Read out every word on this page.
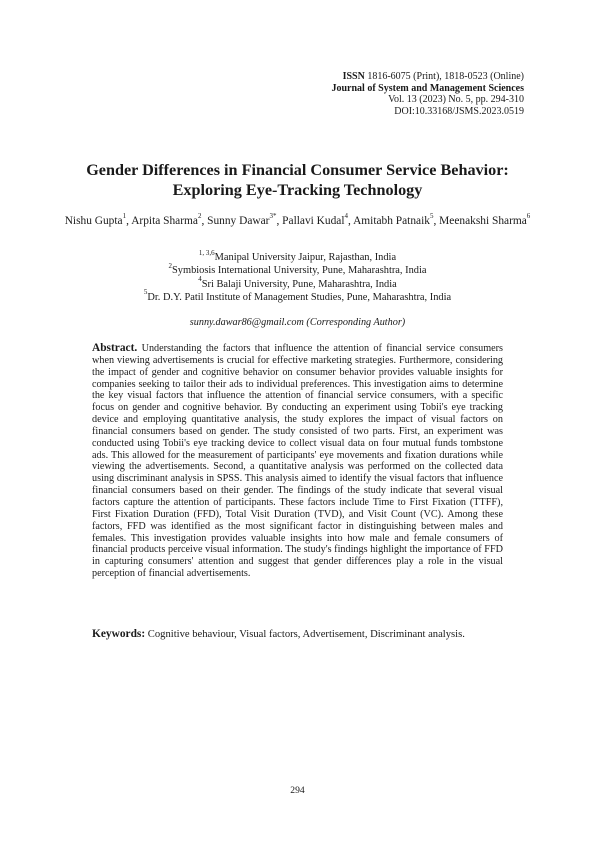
ISSN 1816-6075 (Print), 1818-0523 (Online)
Journal of System and Management Sciences
Vol. 13 (2023) No. 5, pp. 294-310
DOI:10.33168/JSMS.2023.0519
Gender Differences in Financial Consumer Service Behavior:
Exploring Eye-Tracking Technology
Nishu Gupta$^1$, Arpita Sharma$^2$, Sunny Dawar$^{3*}$, Pallavi Kudal$^4$, Amitabh Patnaik$^5$, Meenakshi Sharma$^6$
$^{1, 3,6}$Manipal University Jaipur, Rajasthan, India
$^2$Symbiosis International University, Pune, Maharashtra, India
$^4$Sri Balaji University, Pune, Maharashtra, India
$^5$Dr. D.Y. Patil Institute of Management Studies, Pune, Maharashtra, India
sunny.dawar86@gmail.com (Corresponding Author)
Abstract. Understanding the factors that influence the attention of financial service consumers when viewing advertisements is crucial for effective marketing strategies. Furthermore, considering the impact of gender and cognitive behavior on consumer behavior provides valuable insights for companies seeking to tailor their ads to individual preferences. This investigation aims to determine the key visual factors that influence the attention of financial service consumers, with a specific focus on gender and cognitive behavior. By conducting an experiment using Tobii's eye tracking device and employing quantitative analysis, the study explores the impact of visual factors on financial consumers based on gender. The study consisted of two parts. First, an experiment was conducted using Tobii's eye tracking device to collect visual data on four mutual funds tombstone ads. This allowed for the measurement of participants' eye movements and fixation durations while viewing the advertisements. Second, a quantitative analysis was performed on the collected data using discriminant analysis in SPSS. This analysis aimed to identify the visual factors that influence financial consumers based on their gender. The findings of the study indicate that several visual factors capture the attention of participants. These factors include Time to First Fixation (TTFF), First Fixation Duration (FFD), Total Visit Duration (TVD), and Visit Count (VC). Among these factors, FFD was identified as the most significant factor in distinguishing between males and females. This investigation provides valuable insights into how male and female consumers of financial products perceive visual information. The study's findings highlight the importance of FFD in capturing consumers' attention and suggest that gender differences play a role in the visual perception of financial advertisements.
Keywords: Cognitive behaviour, Visual factors, Advertisement, Discriminant analysis.
294
